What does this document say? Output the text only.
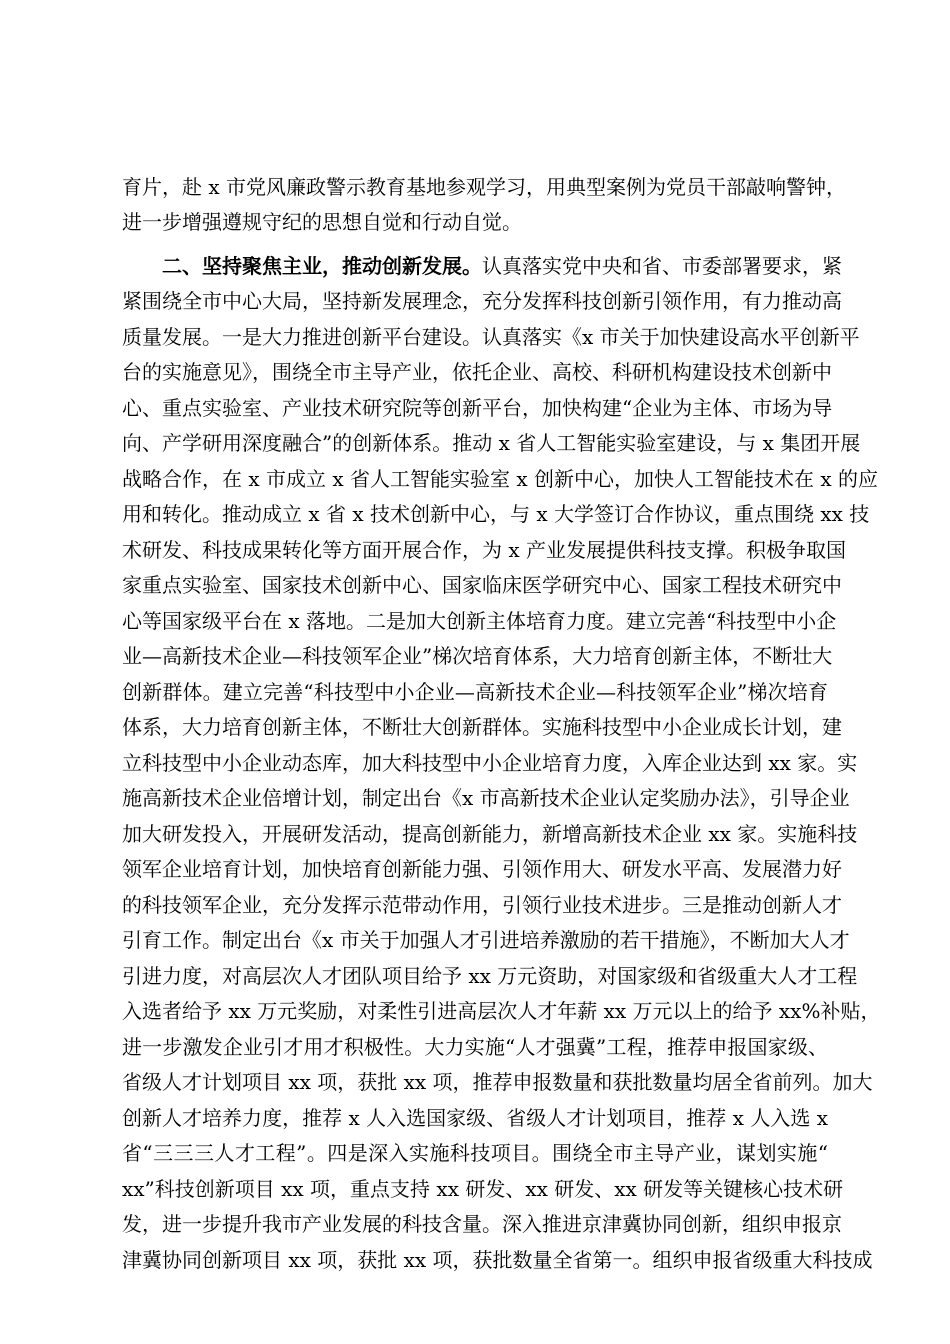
育片，赴 x 市党风廉政警示教育基地参观学习，用典型案例为党员干部敲响警钟，
进一步增强遵规守纪的思想自觉和行动自觉。
二、坚持聚焦主业，推动创新发展。认真落实党中央和省、市委部署要求，紧
紧围绕全市中心大局，坚持新发展理念，充分发挥科技创新引领作用，有力推动高
质量发展。一是大力推进创新平台建设。认真落实《x 市关于加快建设高水平创新平
台的实施意见》，围绕全市主导产业，依托企业、高校、科研机构建设技术创新中
心、重点实验室、产业技术研究院等创新平台，加快构建“企业为主体、市场为导
向、产学研用深度融合”的创新体系。推动 x 省人工智能实验室建设，与 x 集团开展
战略合作，在 x 市成立 x 省人工智能实验室 x 创新中心，加快人工智能技术在 x 的应
用和转化。推动成立 x 省 x 技术创新中心，与 x 大学签订合作协议，重点围绕 xx 技
术研发、科技成果转化等方面开展合作，为 x 产业发展提供科技支撑。积极争取国
家重点实验室、国家技术创新中心、国家临床医学研究中心、国家工程技术研究中
心等国家级平台在 x 落地。二是加大创新主体培育力度。建立完善“科技型中小企
业—高新技术企业—科技领军企业”梯次培育体系，大力培育创新主体，不断壮大
创新群体。建立完善“科技型中小企业—高新技术企业—科技领军企业”梯次培育
体系，大力培育创新主体，不断壮大创新群体。实施科技型中小企业成长计划，建
立科技型中小企业动态库，加大科技型中小企业培育力度，入库企业达到 xx 家。实
施高新技术企业倍增计划，制定出台《x 市高新技术企业认定奖励办法》，引导企业
加大研发投入，开展研发活动，提高创新能力，新增高新技术企业 xx 家。实施科技
领军企业培育计划，加快培育创新能力强、引领作用大、研发水平高、发展潜力好
的科技领军企业，充分发挥示范带动作用，引领行业技术进步。三是推动创新人才
引育工作。制定出台《x 市关于加强人才引进培养激励的若干措施》，不断加大人才
引进力度，对高层次人才团队项目给予 xx 万元资助，对国家级和省级重大人才工程
入选者给予 xx 万元奖励，对柔性引进高层次人才年薪 xx 万元以上的给予 xx%补贴，
进一步激发企业引才用才积极性。大力实施“人才强冀”工程，推荐申报国家级、
省级人才计划项目 xx 项，获批 xx 项，推荐申报数量和获批数量均居全省前列。加大
创新人才培养力度，推荐 x 人入选国家级、省级人才计划项目，推荐 x 人入选 x
省“三三三人才工程”。四是深入实施科技项目。围绕全市主导产业，谋划实施“
xx”科技创新项目 xx 项，重点支持 xx 研发、xx 研发、xx 研发等关键核心技术研
发，进一步提升我市产业发展的科技含量。深入推进京津冀协同创新，组织申报京
津冀协同创新项目 xx 项，获批 xx 项，获批数量全省第一。组织申报省级重大科技成
